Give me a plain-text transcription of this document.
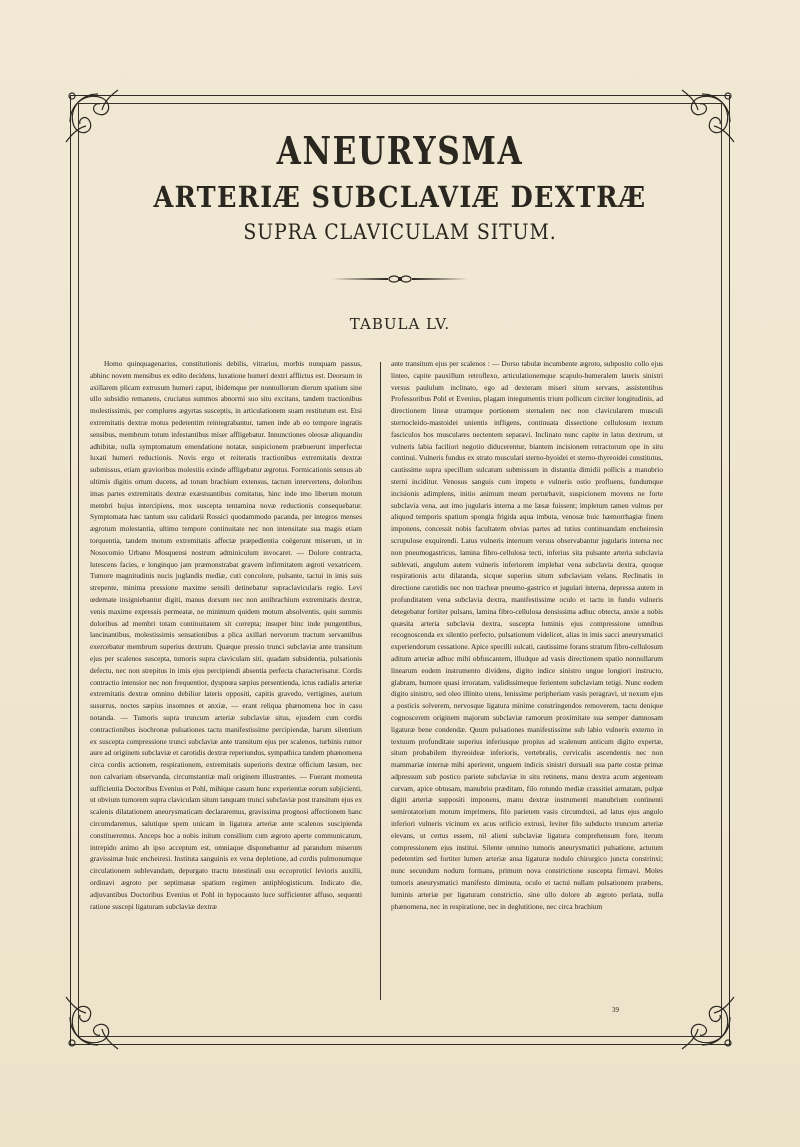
ANEURYSMA
ARTERIÆ SUBCLAVIÆ DEXTRÆ
SUPRA CLAVICULAM SITUM.
TABULA LV.
Homo quinquagenarius, constitutionis debilis, vitrarius, morbis nunquam passus, abhinc novem mensibus ex edito decidens, luxatione humeri dextri afflictus est. Deorsum in axillarem plicam extrusum humeri caput, ibidemque per nonnullorum dierum spatium sine ullo subsidio remanens, cruciatus summos abnormi suo situ excitans, tandem tractionibus molestissimis, per complures ægyrtas susceptis, in articulationem suam restitutum est. Etsi extremitatis dextræ motus pedetentim reintegrabantur, tamen inde ab eo tempore ingratis sensibus, membrum totum infestantibus miser affligebatur. Innunctiones oleosæ aliquandiu adhibitæ, nulla symptomatum emendatione notatæ, suspicionem præbuerunt imperfectæ luxati humeri reductionis. Novis ergo et reiteratis tractionibus extremitatis dextræ submissus, etiam gravioribus molestiis exinde affligebatur ægrotus. Formicationis sensus ab ultimis digitis ortum ducens, ad totum brachium extensus, tactum intervertens, doloribus imas partes extremitatis dextræ exæstuantibus comitatus, hinc inde imo liberum motum membri hujus intercipiens, mox suscepta tentamina novæ reductionis consequebatur. Symptomata hæc tantum usu calidarii Rossici quodammodo pacanda, per integros menses ægrotum molestantia, ultimo tempore continuitate nec non intensitate sua magis etiam torquentia, tandem motum extremitatis affectæ præpedientia coëgerunt miserum, ut in Nosocomio Urbano Mosquensi nostrum adminiculum invocaret. — Dolore contracta, lutescens facies, e longinquo jam præmonstrabat gravem infirmitatem ægroti vexatricem. Tumore magnitudinis nucis juglandis mediæ, cuti concolore, pulsante, tactui in imis suis strepente, minima pressione maxime sensili detinebatur supraclavicularis regio. Levi œdemate insigniebantur digiti, manus dorsum nec non antibrachium extremitatis dextræ, venis maxime expressis permeatæ, ne minimum quidem motum absolventis, quin summis doloribus ad membri totam continuitatem sit correpta; insuper hinc inde pungentibus, lancinantibus, molestissimis sensationibus a plica axillari nervorum tractum servantibus exercebatur membrum superius dextrum. Quæque pressio trunci subclaviæ ante transitum ejus per scalenos suscepta, tumoris supra claviculam siti, quadam subsidentia, pulsationis defectu, nec non strepitus in imis ejus percipiendi absentia perfecta characterisatur. Cordis contractio intensior nec non frequentior, dyspnœa sæpius persentienda, ictus radialis arteriæ extremitatis dextræ omnino debilior lateris oppositi, capitis gravedo, vertigines, aurium susurrus, noctes sæpius insomnes et anxiæ, — erant reliqua phænomena hoc in casu notanda. — Tumoris supra truncum arteriæ subclaviæ situs, ejusdem cum cordis contractionibus isochronæ pulsationes tactu manifestissime percipiendæ, harum silentium ex suscepta compressione trunci subclaviæ ante transitum ejus per scalenos, turbinis rumor aure ad originem subclaviæ et carotidis dextræ reperiundus, sympathica tandem phænomena circa cordis actionem, respirationem, extremitatis superioris dextræ officium læsum, nec non calvariam observanda, circumstantiæ mali originem illustrantes. — Fuerant momenta sufficientia Doctoribus Evenius et Pohl, mihique casum hunc experientiæ eorum subjicienti, ut obvium tumorem supra claviculam situm tanquam trunci subclaviæ post transitum ejus ex scalenis dilatationem aneurysmaticam declararemus, gravissima prognosi affectionem hanc circumdaremus, salutique spem unicam in ligatura arteriæ ante scalenos suscipienda constitueremus. Anceps hoc a nobis initum consilium cum ægroto aperte communicatum, intrepido animo ab ipso acceptum est, omniaque disponebantur ad parandum miserum gravissimæ huic encheiresi. Instituta sanguinis ex vena depletione, ad cordis pulmonumque circulationem sublevandam, depurgato tractu intestinali usu eccoproticí levioris auxilii, ordinavi ægroto per septimanæ spatium regimen antiphlogisticum. Indicato die, adjuvantibus Doctoribus Evenius et Pohl in hypocausto luce sufficienter affuso, sequenti ratione suscepi ligaturam subclaviæ dextræ
ante transitum ejus per scalenos : — Dorso tabulæ incumbente ægroto, subposito collo ejus linteo, capite pauxillum retroflexo, articulationemque scapulo-humeralem lateris sinistri versus paululum inclinato, ego ad dexteram miseri situm servans, assistentibus Professoribus Pohl et Evenius, plagam integumentis trium pollicum circiter longitudinis, ad directionem lineæ utramque portionem sternalem nec non clavicularem musculi sternocleido-mastoidei unientis infligens, continuata dissectione cellulosum textum fasciculos hos musculares nectentem separavi. Inclinato nunc capite in latus dextrum, ut vulneris labia faciliori negotio diducerentur, biantem incisionem retractorum ope in situ continui. Vulneris fundus ex strato musculari sterno-hyoidei et sterno-thyreoidei constitutus, cautissime supra specillum sulcatum submissum in distantia dimidii pollicis a manubrio sterni inciditur. Venosus sanguis cum impetu e vulneris ostio profluens, fundumque incisionis adimplens, initio animum meum perturbavit, suspicionem movens ne forte subclavia vena, aut imo jugularis interna a me læsæ fuissent; impletum tamen vulnus per aliquod temporis spatium spongia frigida aqua imbuta, venosæ huic hæmorrhagiæ finem imponens, concessit nobis facultatem obvias partes ad tutius continuandam encheiresin scrupulose exquirendi. Latus vulneris internum versus observabantur jugularis interna nec non pneumogastricus, lamina fibro-cellulosa tecti, inferius sita pulsante arteria subclavia sublevati, angulum autem vulneris inferiorem implebat vena subclavia dextra, quoque respirationis actu dilatanda, sicque superius situm subclaviam velans. Reclinatis in directione carotidis nec non tracheæ pneumo-gastrico et jugulari interna, depressa autem in profunditatem vena subclavia dextra, manifestissime oculo et tactu in fundo vulneris detegebatur fortiter pulsans, lamina fibro-cellulosa densissima adhuc obtecta, anxie a nobis quæsita arteria subclavia dextra, suscepta luminis ejus compressione omnibus recognoscenda ex silentio perfecto, pulsationum videlicet, alias in imis sacci aneurysmatici experiendorum cessatione. Apice specilli sulcati, cautissime forans stratum fibro-cellulosum aditum arteriæ adhuc mihi obfuscantem, illudque ad vasis directionem spatio nonnullarum linearum eodem instrumento dividens, digito indice sinistro ungue longiori instructo, glabram, humore quasi irroratam, validissimeque ferientem subclaviam tetigi. Nunc eodem digito sinistro, sed oleo illinito utens, lenissime peripheriam vasis peragravi, ut nexum ejus a posticis solverem, nervosque ligatura minime constringendos removerem, tactu denique cognoscerem originem majorum subclaviæ ramorum proximitate sua semper damnosam ligaturæ bene condendæ. Quum pulsationes manifestissime sub labio vulneris externo in textuum profunditate superius inferiusque propius ad scalenum anticum digito expertæ, situm probabilem thyreoideæ inferioris, vertebralis, cervicalis ascendentis nec non mammariæ internæ mihi aperirent, unguem indicis sinistri dorsuali sua parte costæ primæ adpressum sub postico pariete subclaviæ in situ retinens, manu dextra acum argenteam curvam, apice obtusam, manubrio præditam, filo rotundo mediæ crassitiei armatam, pulpæ digiti arteriæ suppositi imponens, manu dextræ instrumenti manubrium continenti semirotatorium motum imprimens, filo parietem vasis circumduxi, ad latus ejus angulo inferiori vulneris vicinum ex acus orificio extrusi, leviter filo subducto truncum arteriæ elevans, ut certus essem, nil alieni subclaviæ ligatura comprehensum fore, iterum compressionem ejus institui. Silente omnino tumoris aneurysmatici pulsatione, actutum pedetentim sed fortiter lumen arteriæ ansa ligaturæ nodulo chirurgico juncta constrinxi; nunc secundum nodum formans, primum nova constrictione suscepta firmavi. Moles tumoris aneurysmatici manifesto diminuta, oculo et tactui nullam pulsationem præbens, luminis arteriæ per ligaturam constrictio, sine ullo dolore ab ægroto perlata, nulla phænomena, nec in respiratione, nec in deglutitione, nec circa brachium
39
